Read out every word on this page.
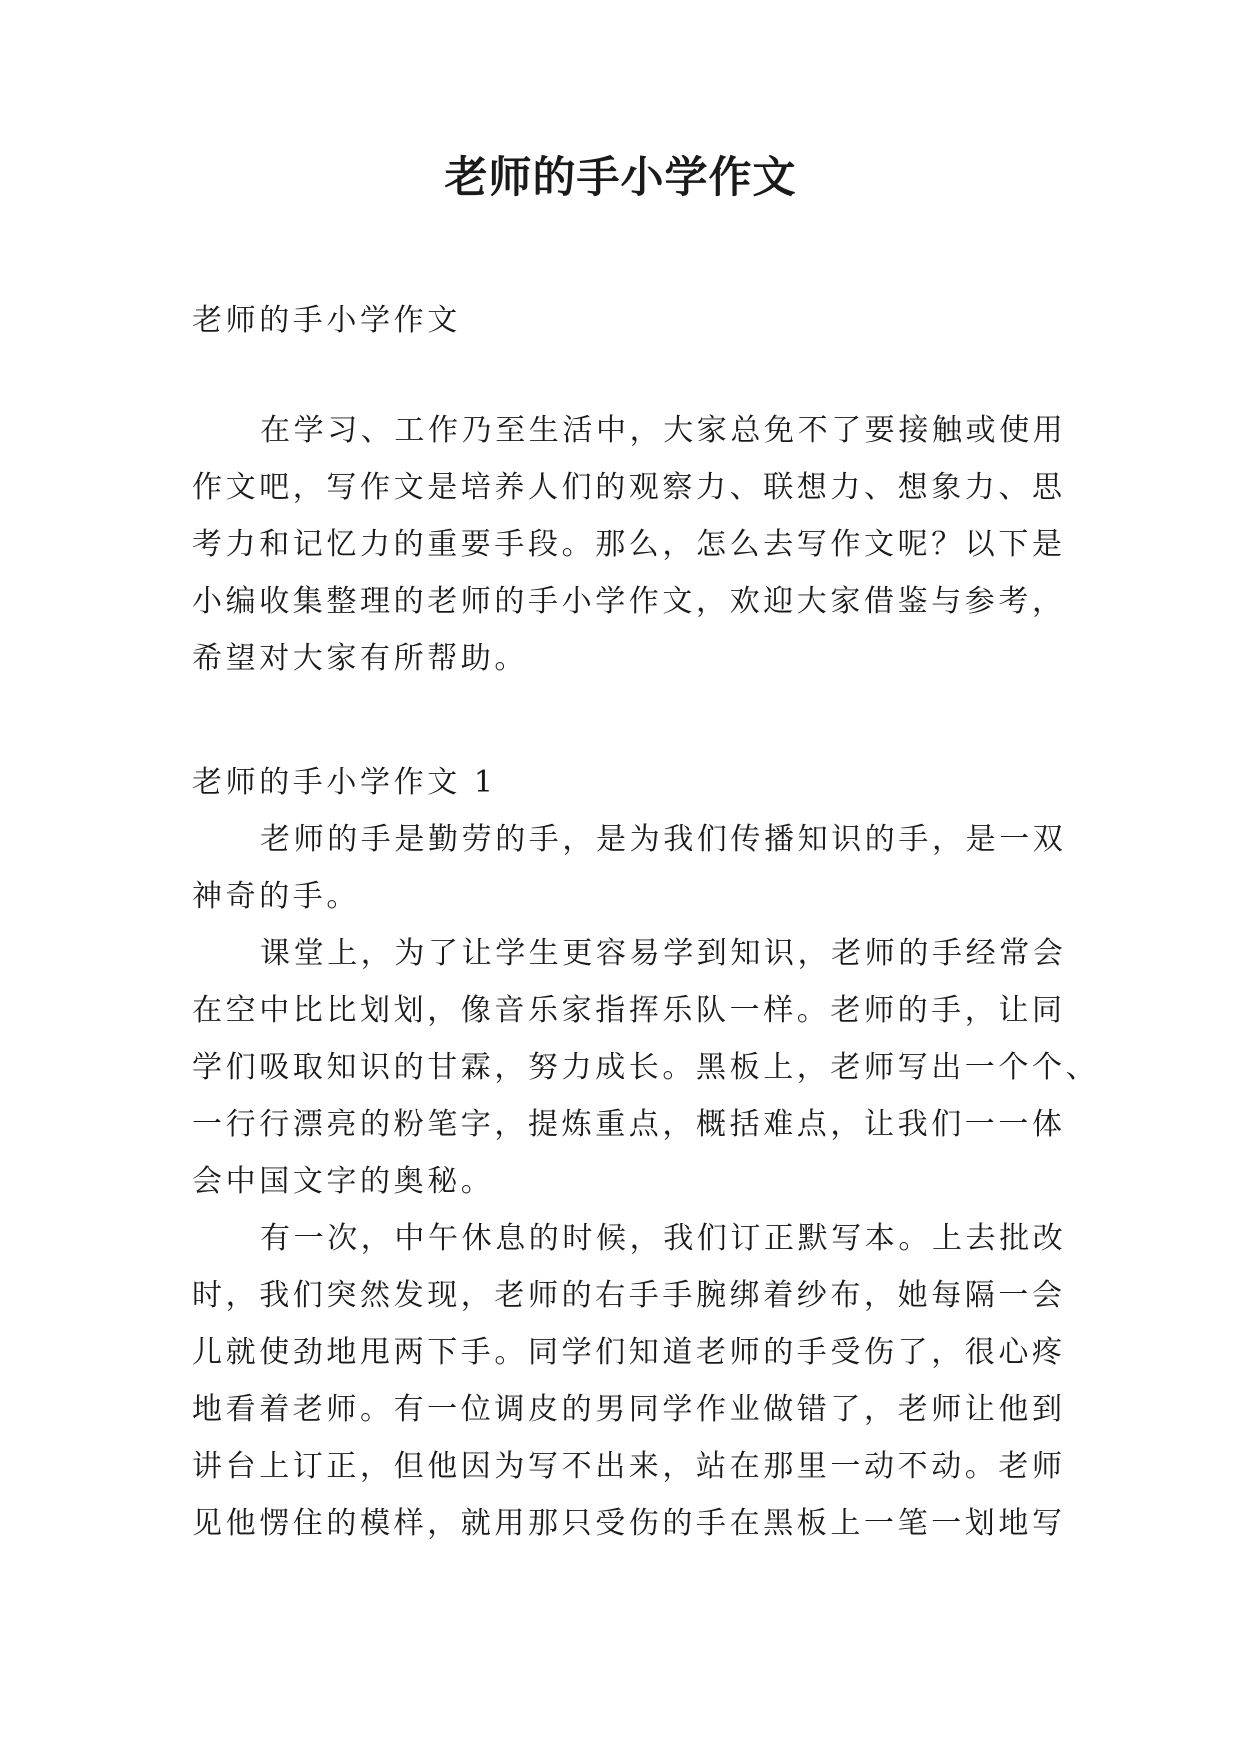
老师的手小学作文

老师的手小学作文

在学习、工作乃至生活中，大家总免不了要接触或使用
作文吧，写作文是培养人们的观察力、联想力、想象力、思
考力和记忆力的重要手段。那么，怎么去写作文呢？以下是
小编收集整理的老师的手小学作文，欢迎大家借鉴与参考，
希望对大家有所帮助。

老师的手小学作文 1

老师的手是勤劳的手，是为我们传播知识的手，是一双
神奇的手。
课堂上，为了让学生更容易学到知识，老师的手经常会
在空中比比划划，像音乐家指挥乐队一样。老师的手，让同
学们吸取知识的甘霖，努力成长。黑板上，老师写出一个个、
一行行漂亮的粉笔字，提炼重点，概括难点，让我们一一体
会中国文字的奥秘。
有一次，中午休息的时候，我们订正默写本。上去批改
时，我们突然发现，老师的右手手腕绑着纱布，她每隔一会
儿就使劲地甩两下手。同学们知道老师的手受伤了，很心疼
地看着老师。有一位调皮的男同学作业做错了，老师让他到
讲台上订正，但他因为写不出来，站在那里一动不动。老师
见他愣住的模样，就用那只受伤的手在黑板上一笔一划地写
